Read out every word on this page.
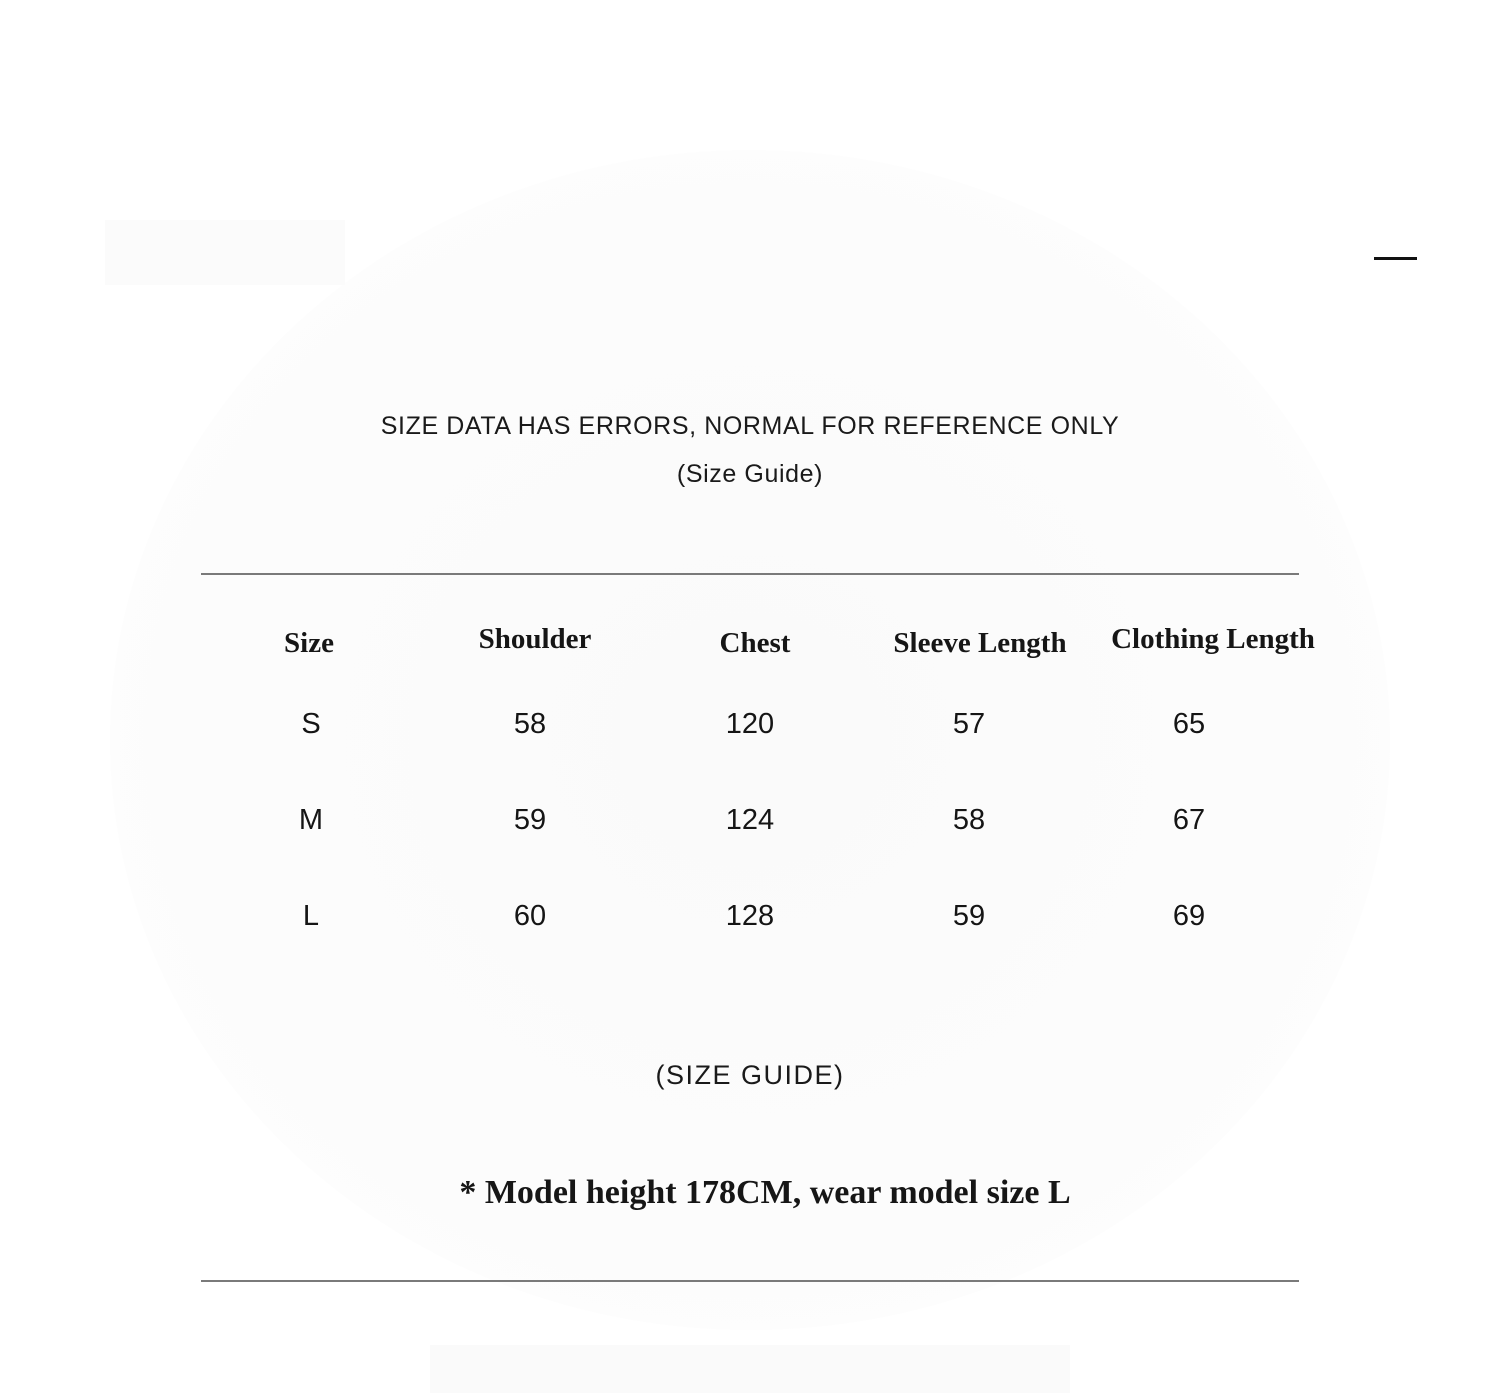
SIZE DATA HAS ERRORS, NORMAL FOR REFERENCE ONLY
(Size Guide)
Size	Shoulder	Chest	Sleeve Length	Clothing Length
S	58	120	57	65
M	59	124	58	67
L	60	128	59	69
(SIZE GUIDE)
* Model height 178CM, wear model size L
